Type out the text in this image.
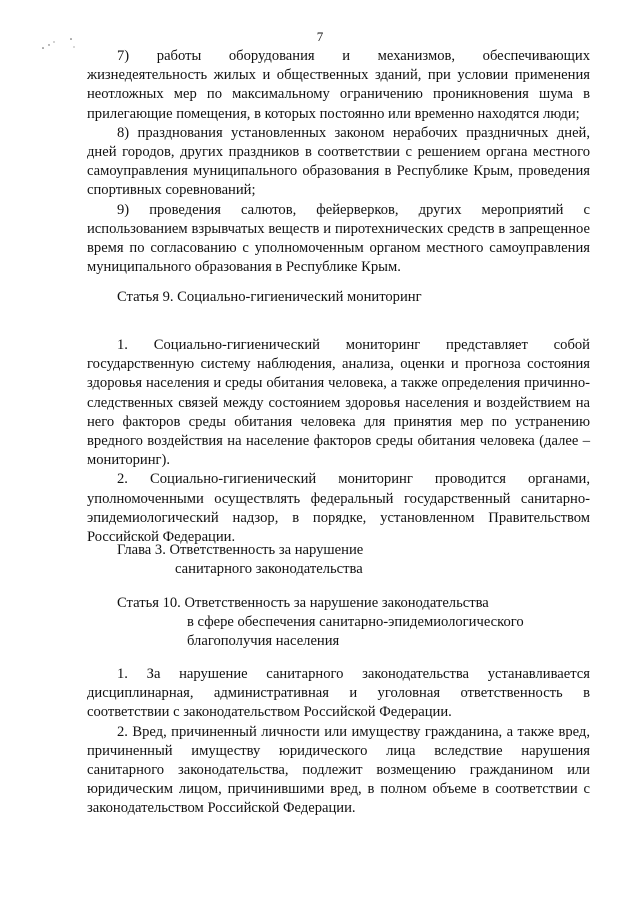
7

7) работы оборудования и механизмов, обеспечивающих жизнедеятельность жилых и общественных зданий, при условии применения неотложных мер по максимальному ограничению проникновения шума в прилегающие помещения, в которых постоянно или временно находятся люди;

8) празднования установленных законом нерабочих праздничных дней, дней городов, других праздников в соответствии с решением органа местного самоуправления муниципального образования в Республике Крым, проведения спортивных соревнований;

9) проведения салютов, фейерверков, других мероприятий с использованием взрывчатых веществ и пиротехнических средств в запрещенное время по согласованию с уполномоченным органом местного самоуправления муниципального образования в Республике Крым.

Статья 9. Социально-гигиенический мониторинг

1. Социально-гигиенический мониторинг представляет собой государственную систему наблюдения, анализа, оценки и прогноза состояния здоровья населения и среды обитания человека, а также определения причинно-следственных связей между состоянием здоровья населения и воздействием на него факторов среды обитания человека для принятия мер по устранению вредного воздействия на население факторов среды обитания человека (далее – мониторинг).

2. Социально-гигиенический мониторинг проводится органами, уполномоченными осуществлять федеральный государственный санитарно-эпидемиологический надзор, в порядке, установленном Правительством Российской Федерации.

Глава 3. Ответственность за нарушение
санитарного законодательства

Статья 10. Ответственность за нарушение законодательства
в сфере обеспечения санитарно-эпидемиологического
благополучия населения

1. За нарушение санитарного законодательства устанавливается дисциплинарная, административная и уголовная ответственность в соответствии с законодательством Российской Федерации.

2. Вред, причиненный личности или имуществу гражданина, а также вред, причиненный имуществу юридического лица вследствие нарушения санитарного законодательства, подлежит возмещению гражданином или юридическим лицом, причинившими вред, в полном объеме в соответствии с законодательством Российской Федерации.
